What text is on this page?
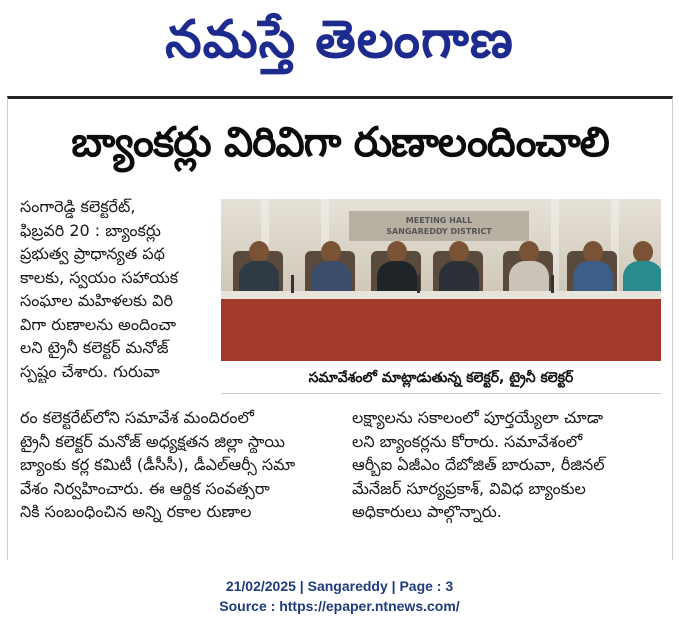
నమస్తే తెలంగాణ
బ్యాంకర్లు విరివిగా రుణాలందించాలి
సంగారెడ్డి కలెక్టరేట్,
ఫిబ్రవరి 20 : బ్యాంకర్లు
ప్రభుత్వ ప్రాధాన్యత పథ
కాలకు, స్వయం సహాయక
సంఘాల మహిళలకు విరి
విగా రుణాలను అందించా
లని ట్రైనీ కలెక్టర్ మనోజ్
స్పష్టం చేశారు. గురువా
MEETING HALL
SANGAREDDY DISTRICT
సమావేశంలో మాట్లాడుతున్న కలెక్టర్, ట్రైనీ కలెక్టర్
రం కలెక్టరేట్‌లోని సమావేశ మందిరంలో
ట్రైనీ కలెక్టర్ మనోజ్ అధ్యక్షతన జిల్లా స్థాయి
బ్యాంకు కర్ల కమిటీ (డీసీసీ), డీఎల్ఆర్సీ సమా
వేశం నిర్వహించారు. ఈ ఆర్థిక సంవత్సరా
నికి సంబంధించిన అన్ని రకాల రుణాల
లక్ష్యాలను సకాలంలో పూర్తయ్యేలా చూడా
లని బ్యాంకర్లను కోరారు. సమావేశంలో
ఆర్బీఐ ఏజీఎం దేబోజిత్ బారువా, రీజినల్
మేనేజర్ సూర్యప్రకాశ్, వివిధ బ్యాంకుల
అధికారులు పాల్గొన్నారు.
21/02/2025 | Sangareddy | Page : 3
Source : https://epaper.ntnews.com/
